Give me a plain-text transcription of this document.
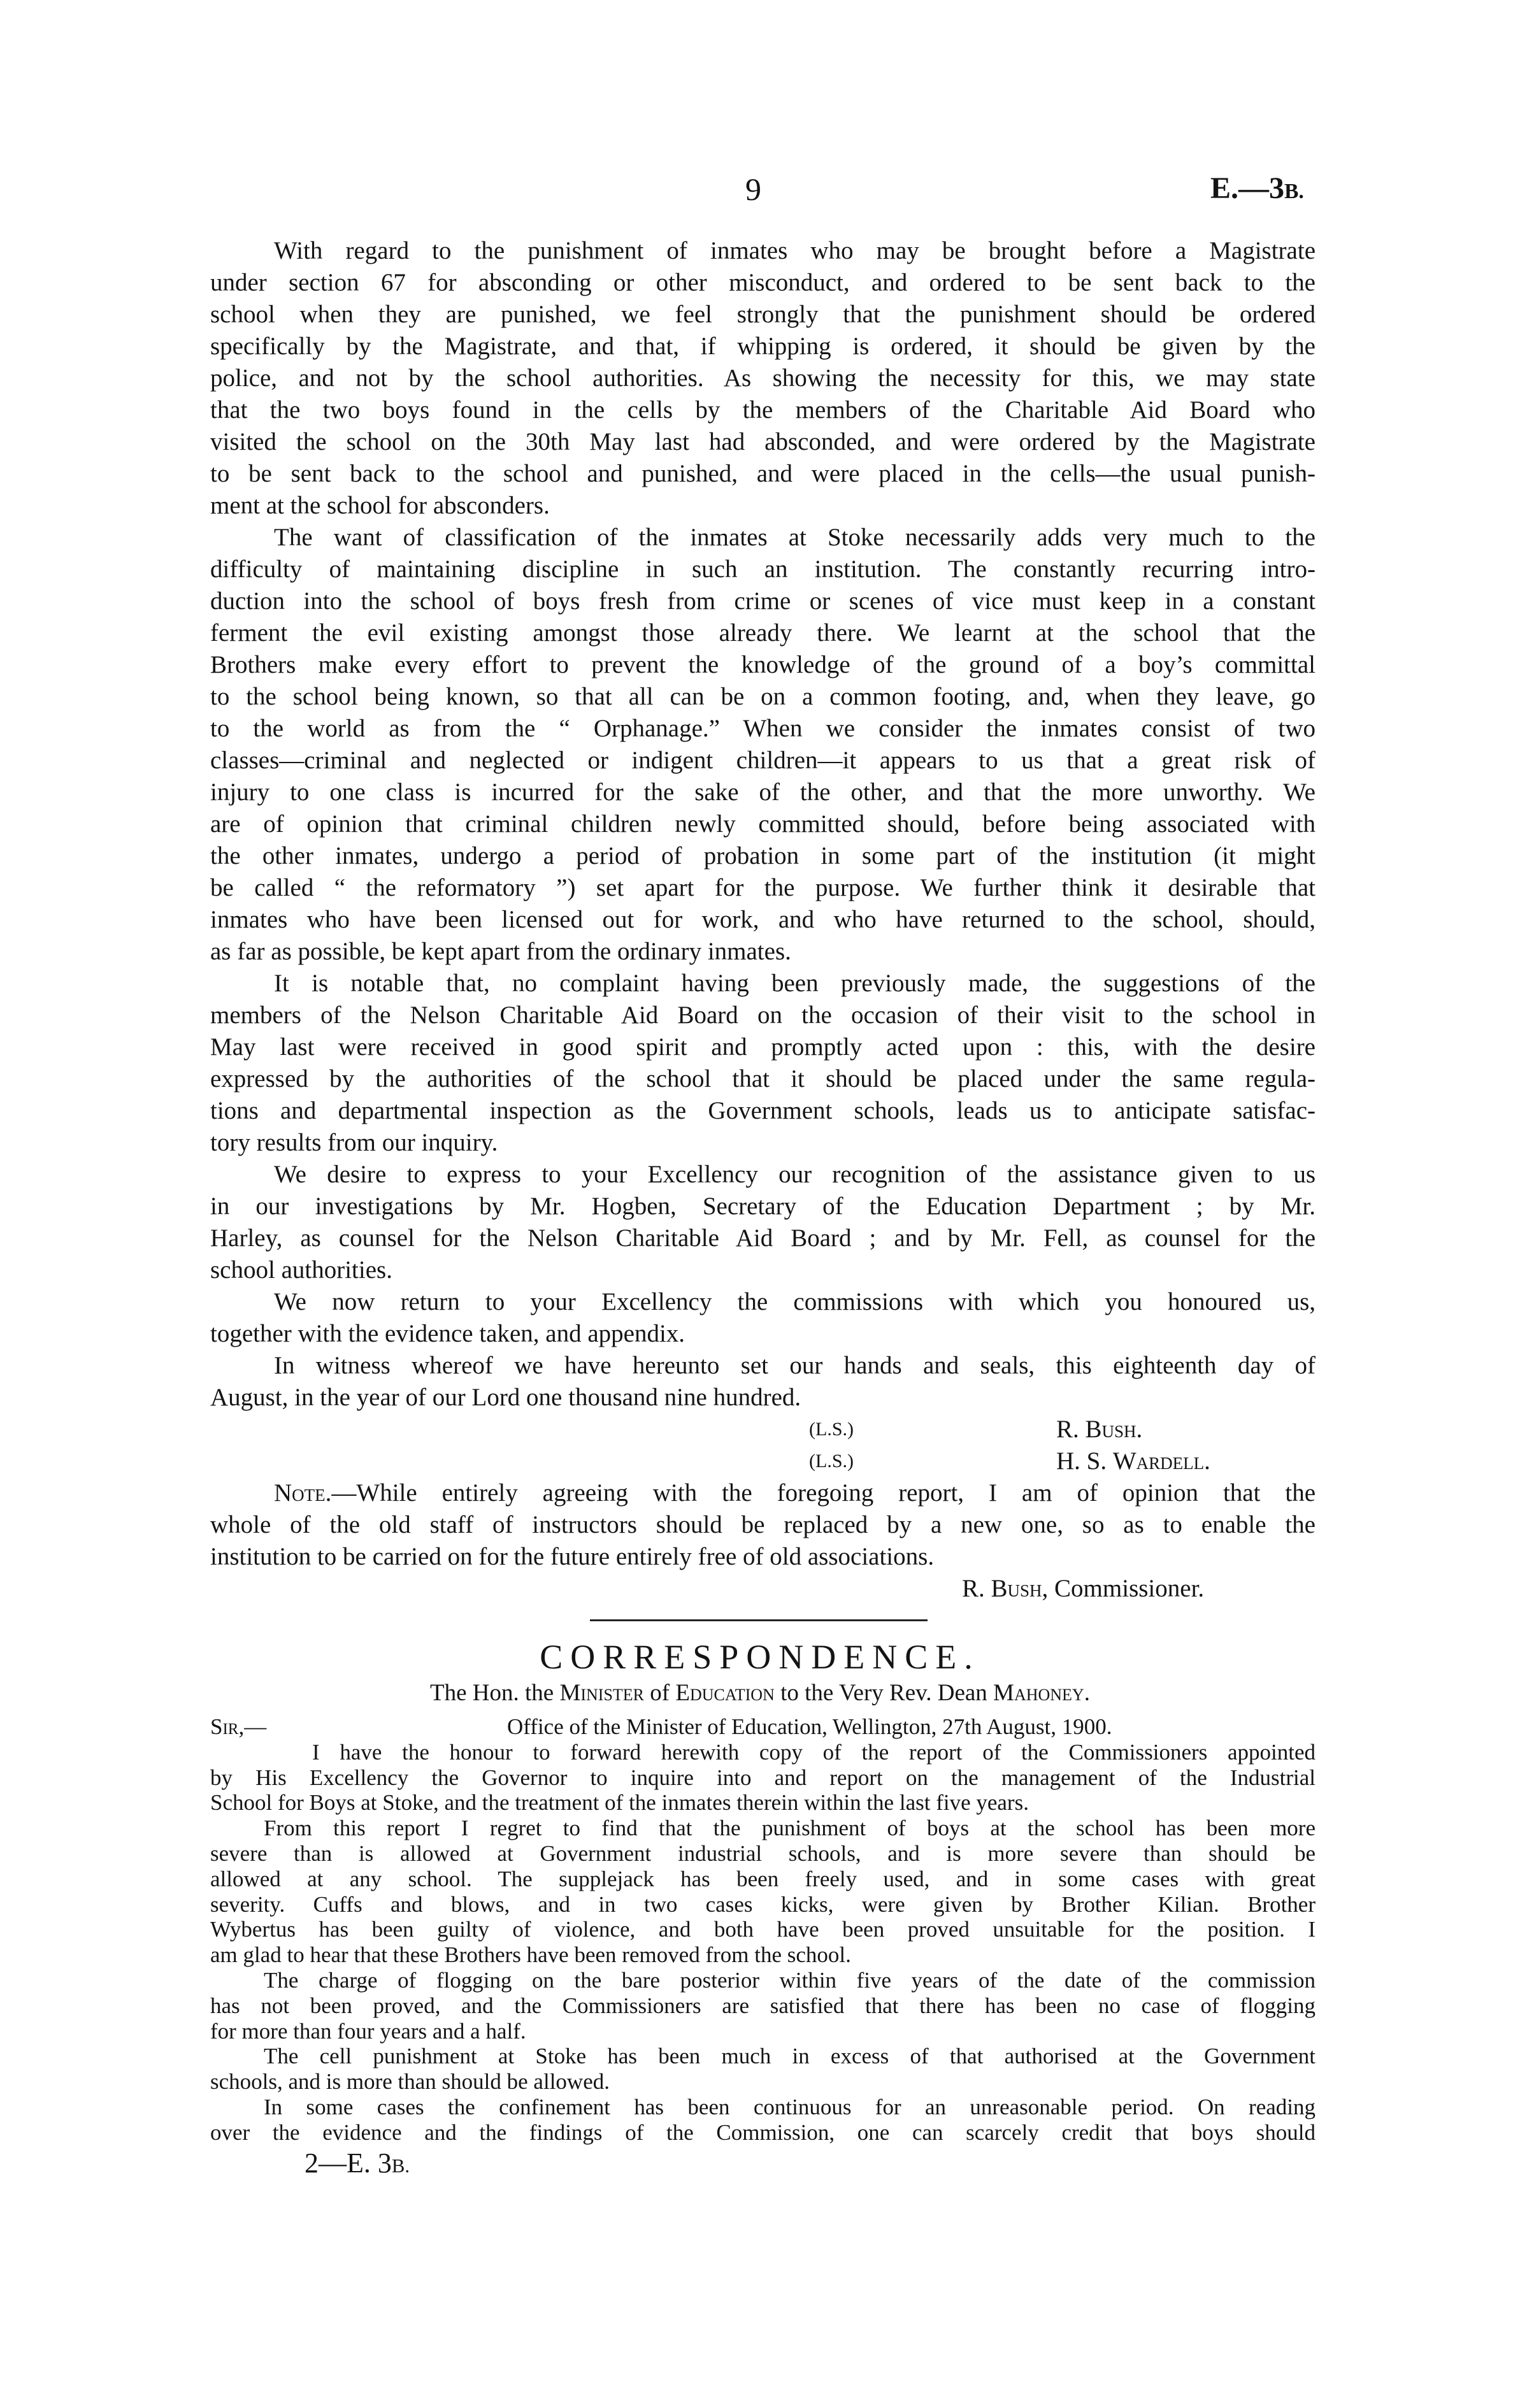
9	E.—3B.
With regard to the punishment of inmates who may be brought before a Magistrate
under section 67 for absconding or other misconduct, and ordered to be sent back to the
school when they are punished, we feel strongly that the punishment should be ordered
specifically by the Magistrate, and that, if whipping is ordered, it should be given by the
police, and not by the school authorities. As showing the necessity for this, we may state
that the two boys found in the cells by the members of the Charitable Aid Board who
visited the school on the 30th May last had absconded, and were ordered by the Magistrate
to be sent back to the school and punished, and were placed in the cells—the usual punish-
ment at the school for absconders.
The want of classification of the inmates at Stoke necessarily adds very much to the
difficulty of maintaining discipline in such an institution. The constantly recurring intro-
duction into the school of boys fresh from crime or scenes of vice must keep in a constant
ferment the evil existing amongst those already there. We learnt at the school that the
Brothers make every effort to prevent the knowledge of the ground of a boy’s committal
to the school being known, so that all can be on a common footing, and, when they leave, go
to the world as from the “ Orphanage.” When we consider the inmates consist of two
classes—criminal and neglected or indigent children—it appears to us that a great risk of
injury to one class is incurred for the sake of the other, and that the more unworthy. We
are of opinion that criminal children newly committed should, before being associated with
the other inmates, undergo a period of probation in some part of the institution (it might
be called “ the reformatory ”) set apart for the purpose. We further think it desirable that
inmates who have been licensed out for work, and who have returned to the school, should,
as far as possible, be kept apart from the ordinary inmates.
It is notable that, no complaint having been previously made, the suggestions of the
members of the Nelson Charitable Aid Board on the occasion of their visit to the school in
May last were received in good spirit and promptly acted upon : this, with the desire
expressed by the authorities of the school that it should be placed under the same regula-
tions and departmental inspection as the Government schools, leads us to anticipate satisfac-
tory results from our inquiry.
We desire to express to your Excellency our recognition of the assistance given to us
in our investigations by Mr. Hogben, Secretary of the Education Department ; by Mr.
Harley, as counsel for the Nelson Charitable Aid Board ; and by Mr. Fell, as counsel for the
school authorities.
We now return to your Excellency the commissions with which you honoured us,
together with the evidence taken, and appendix.
In witness whereof we have hereunto set our hands and seals, this eighteenth day of
August, in the year of our Lord one thousand nine hundred.
(L.S.)	R. Bush.
(L.S.)	H. S. Wardell.
Note.—While entirely agreeing with the foregoing report, I am of opinion that the
whole of the old staff of instructors should be replaced by a new one, so as to enable the
institution to be carried on for the future entirely free of old associations.
R. Bush, Commissioner.
CORRESPONDENCE.
The Hon. the Minister of Education to the Very Rev. Dean Mahoney.
Sir,—	Office of the Minister of Education, Wellington, 27th August, 1900.
I have the honour to forward herewith copy of the report of the Commissioners appointed
by His Excellency the Governor to inquire into and report on the management of the Industrial
School for Boys at Stoke, and the treatment of the inmates therein within the last five years.
From this report I regret to find that the punishment of boys at the school has been more
severe than is allowed at Government industrial schools, and is more severe than should be
allowed at any school. The supplejack has been freely used, and in some cases with great
severity. Cuffs and blows, and in two cases kicks, were given by Brother Kilian. Brother
Wybertus has been guilty of violence, and both have been proved unsuitable for the position. I
am glad to hear that these Brothers have been removed from the school.
The charge of flogging on the bare posterior within five years of the date of the commission
has not been proved, and the Commissioners are satisfied that there has been no case of flogging
for more than four years and a half.
The cell punishment at Stoke has been much in excess of that authorised at the Government
schools, and is more than should be allowed.
In some cases the confinement has been continuous for an unreasonable period. On reading
over the evidence and the findings of the Commission, one can scarcely credit that boys should
2—E. 3B.
